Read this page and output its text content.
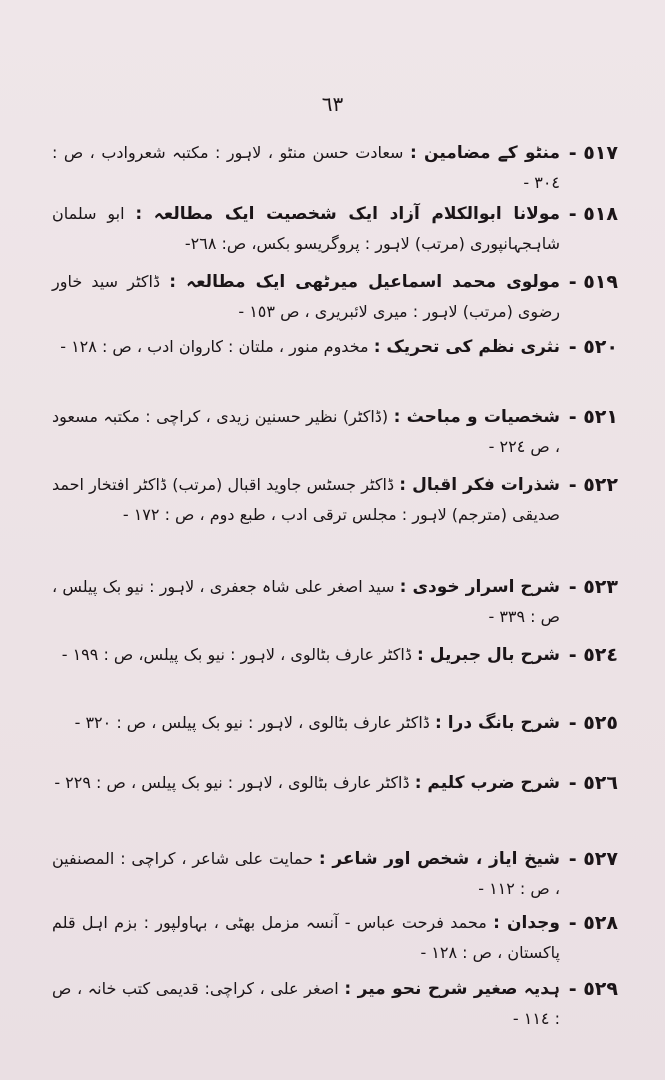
٦٣
٥١٧ -
منٹو کے مضامین : سعادت حسن منٹو ، لاہور : مکتبہ شعروادب ، ص : ٣٠٤ -
٥١٨ -
مولانا ابوالکلام آزاد ایک شخصیت ایک مطالعہ : ابو سلمان شاہجہانپوری (مرتب) لاہور : پروگریسو بکس، ص: ٢٦٨-
٥١٩ -
مولوی محمد اسماعیل میرٹھی ایک مطالعہ : ڈاکٹر سید خاور رضوی (مرتب) لاہور : میری لائبریری ، ص ١٥٣ -
٥٢٠ -
نثری نظم کی تحریک : مخدوم منور ، ملتان : کاروان ادب ، ص : ١٢٨ -
٥٢١ -
شخصیات و مباحث : (ڈاکٹر) نظیر حسنین زیدی ، کراچی : مکتبہ مسعود ، ص ٢٢٤ -
٥٢٢ -
شذرات فکر اقبال : ڈاکٹر جسٹس جاوید اقبال (مرتب) ڈاکٹر افتخار احمد صدیقی (مترجم) لاہور : مجلس ترقی ادب ، طبع دوم ، ص : ١٧٢ -
٥٢٣ -
شرح اسرار خودی : سید اصغر علی شاہ جعفری ، لاہور : نیو بک پیلس ، ص : ٣٣٩ -
٥٢٤ -
شرح بال جبریل : ڈاکٹر عارف بٹالوی ، لاہور : نیو بک پیلس، ص : ١٩٩ -
٥٢٥ -
شرح بانگ درا : ڈاکٹر عارف بٹالوی ، لاہور : نیو بک پیلس ، ص : ٣٢٠ -
٥٢٦ -
شرح ضرب کلیم : ڈاکٹر عارف بٹالوی ، لاہور : نیو بک پیلس ، ص : ٢٢٩ -
٥٢٧ -
شیخ ایاز ، شخص اور شاعر : حمایت علی شاعر ، کراچی : المصنفین ، ص : ١١٢ -
٥٢٨ -
وجدان : محمد فرحت عباس - آنسہ مزمل بھٹی ، بہاولپور : بزم اہل قلم پاکستان ، ص : ١٢٨ -
٥٢٩ -
ہدیہ صغیر شرح نحو میر : اصغر علی ، کراچی: قدیمی کتب خانہ ، ص : ١١٤ -
